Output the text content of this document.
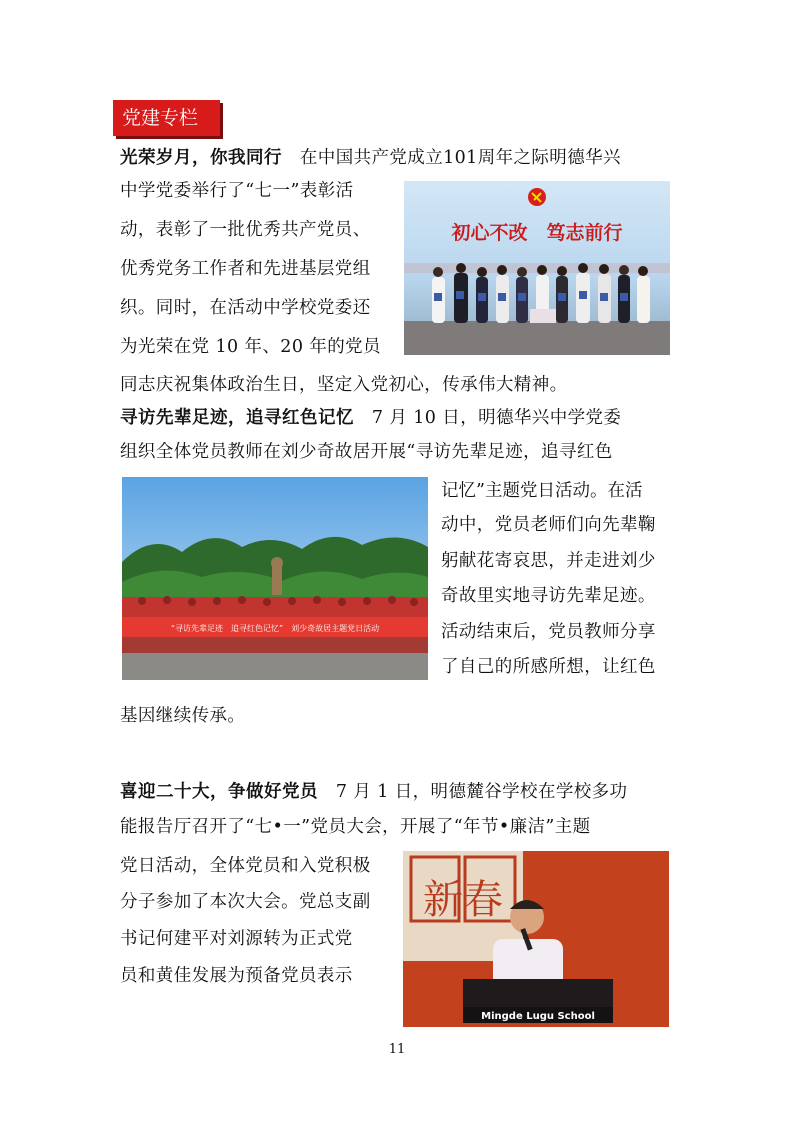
党建专栏
光荣岁月，你我同行　在中国共产党成立101周年之际明德华兴
中学党委举行了“七一”表彰活
动，表彰了一批优秀共产党员、
优秀党务工作者和先进基层党组
织。同时，在活动中学校党委还
为光荣在党 10 年、20 年的党员
同志庆祝集体政治生日，坚定入党初心，传承伟大精神。
初心不改　笃志前行
寻访先辈足迹，追寻红色记忆　7 月 10 日，明德华兴中学党委
组织全体党员教师在刘少奇故居开展“寻访先辈足迹，追寻红色
“寻访先辈足迹　追寻红色记忆”　刘少奇故居主题党日活动
记忆”主题党日活动。在活
动中，党员老师们向先辈鞠
躬献花寄哀思，并走进刘少
奇故里实地寻访先辈足迹。
活动结束后，党员教师分享
了自己的所感所想，让红色
基因继续传承。
喜迎二十大，争做好党员　7 月 1 日，明德麓谷学校在学校多功
能报告厅召开了“七•一”党员大会，开展了“年节•廉洁”主题
党日活动，全体党员和入党积极
分子参加了本次大会。党总支副
书记何建平对刘源转为正式党
员和黄佳发展为预备党员表示
新春
Mingde Lugu School
11
